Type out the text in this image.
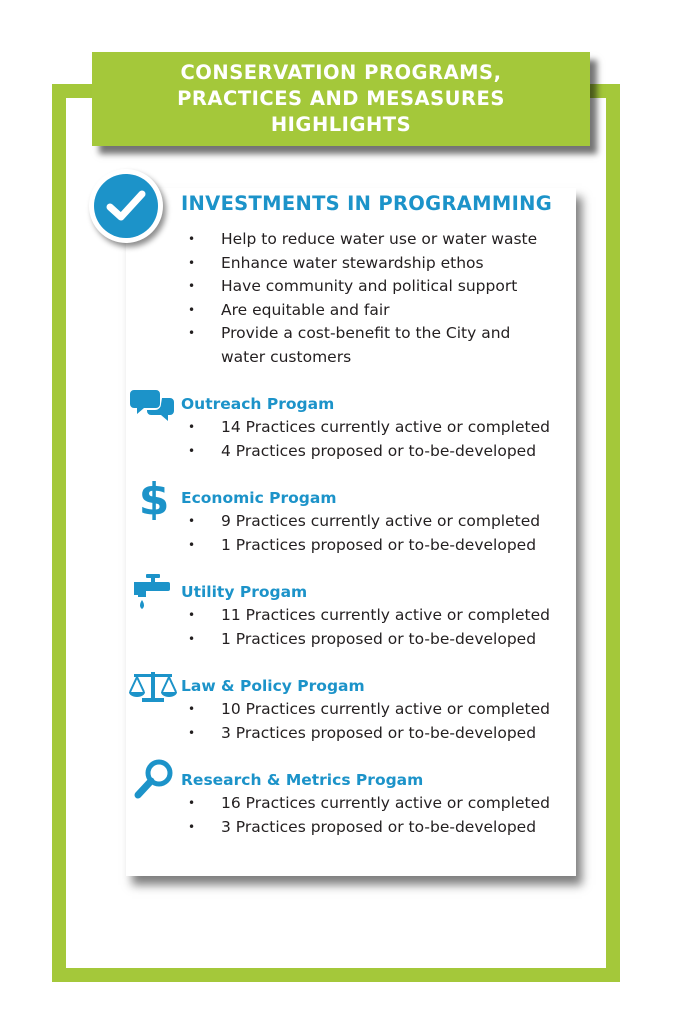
CONSERVATION PROGRAMS,
PRACTICES AND MESASURES
HIGHLIGHTS
INVESTMENTS IN PROGRAMMING
• Help to reduce water use or water waste
• Enhance water stewardship ethos
• Have community and political support
• Are equitable and fair
• Provide a cost-benefit to the City and
water customers
Outreach Progam
• 14 Practices currently active or completed
• 4 Practices proposed or to-be-developed
$ Economic Progam
• 9 Practices currently active or completed
• 1 Practices proposed or to-be-developed
Utility Progam
• 11 Practices currently active or completed
• 1 Practices proposed or to-be-developed
Law & Policy Progam
• 10 Practices currently active or completed
• 3 Practices proposed or to-be-developed
Research & Metrics Progam
• 16 Practices currently active or completed
• 3 Practices proposed or to-be-developed
